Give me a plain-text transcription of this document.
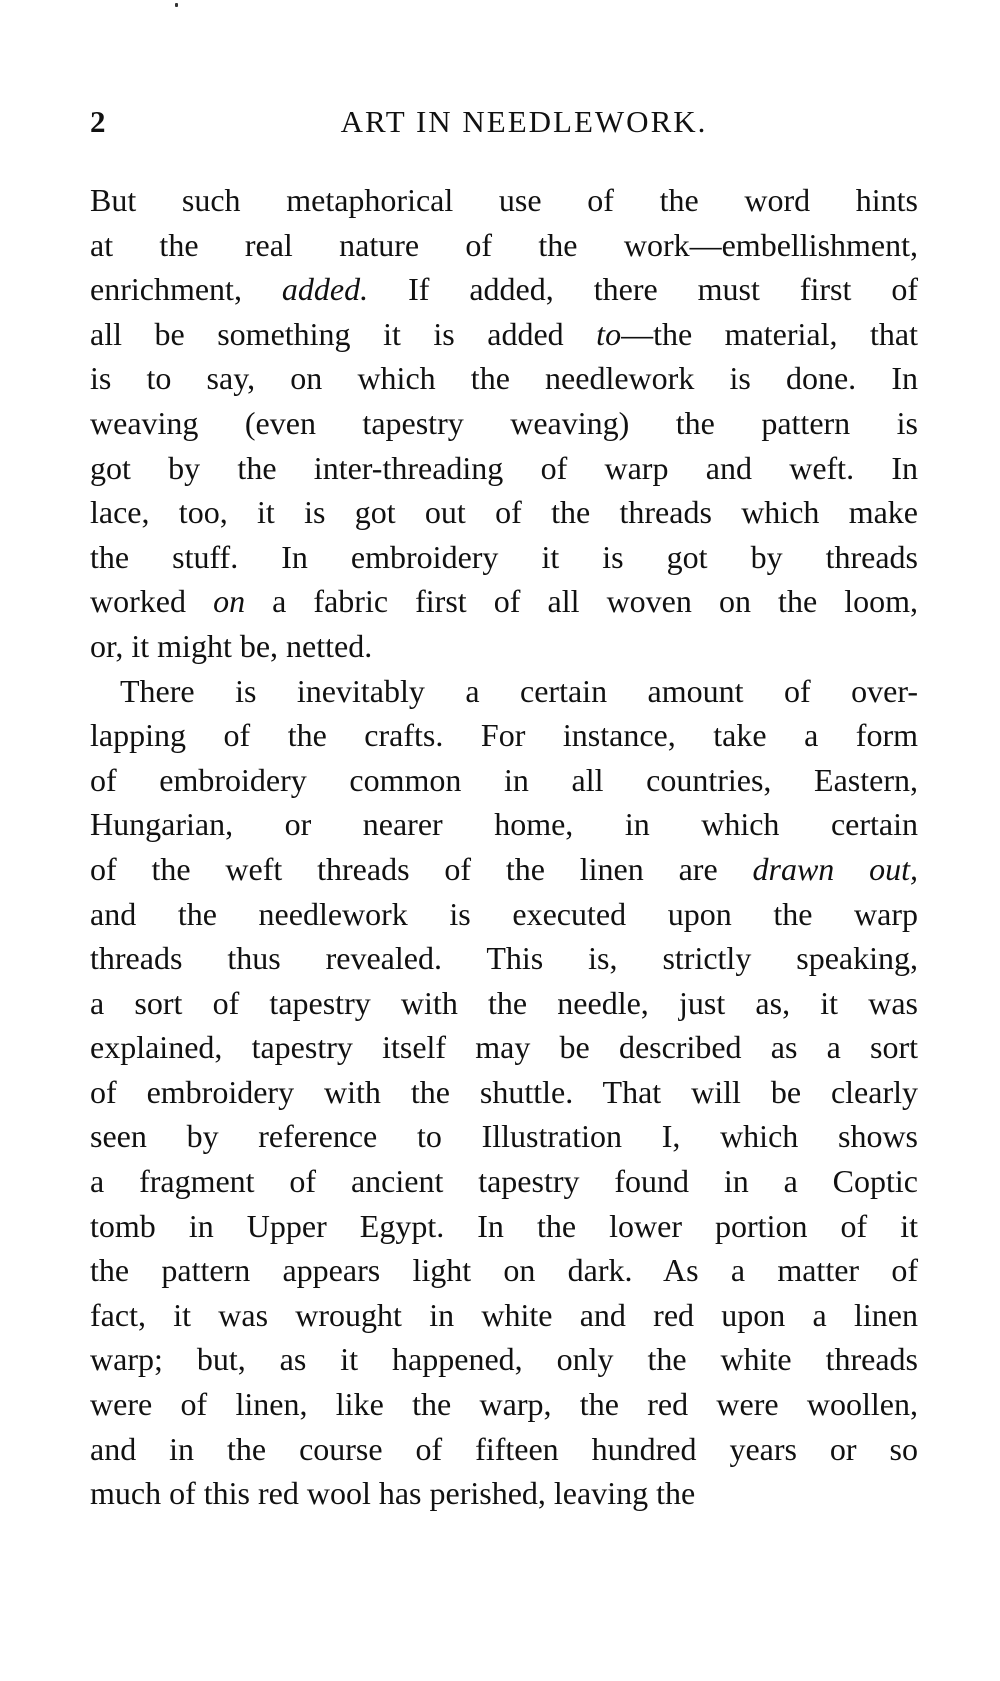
2	ART IN NEEDLEWORK.
But such metaphorical use of the word hints
at the real nature of the work—embellishment,
enrichment, added. If added, there must first of
all be something it is added to—the material, that
is to say, on which the needlework is done. In
weaving (even tapestry weaving) the pattern is
got by the inter-threading of warp and weft. In
lace, too, it is got out of the threads which make
the stuff. In embroidery it is got by threads
worked on a fabric first of all woven on the loom,
or, it might be, netted.
There is inevitably a certain amount of over-
lapping of the crafts. For instance, take a form
of embroidery common in all countries, Eastern,
Hungarian, or nearer home, in which certain
of the weft threads of the linen are drawn out,
and the needlework is executed upon the warp
threads thus revealed. This is, strictly speaking,
a sort of tapestry with the needle, just as, it was
explained, tapestry itself may be described as a sort
of embroidery with the shuttle. That will be clearly
seen by reference to Illustration I, which shows
a fragment of ancient tapestry found in a Coptic
tomb in Upper Egypt. In the lower portion of it
the pattern appears light on dark. As a matter of
fact, it was wrought in white and red upon a linen
warp; but, as it happened, only the white threads
were of linen, like the warp, the red were woollen,
and in the course of fifteen hundred years or so
much of this red wool has perished, leaving the
